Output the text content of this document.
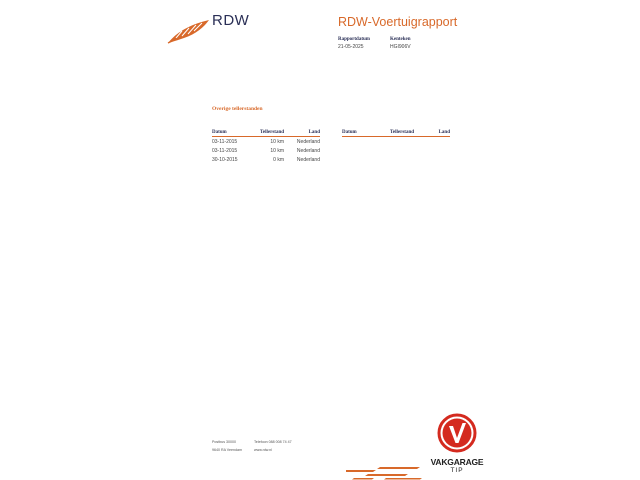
RDW	RDW-Voertuigrapport
Rapportdatum
21-05-2025
Kenteken
HGI906V
Overige tellerstanden
Datum	Tellerstand	Land
03-11-2015	10 km	Nederland
03-11-2015	10 km	Nederland
30-10-2015	0 km	Nederland
Datum	Tellerstand	Land
Postbus 30000
9640 RA Veendam
Telefoon 088 008 74 47
www.rdw.nl
VAKGARAGE
TIP
